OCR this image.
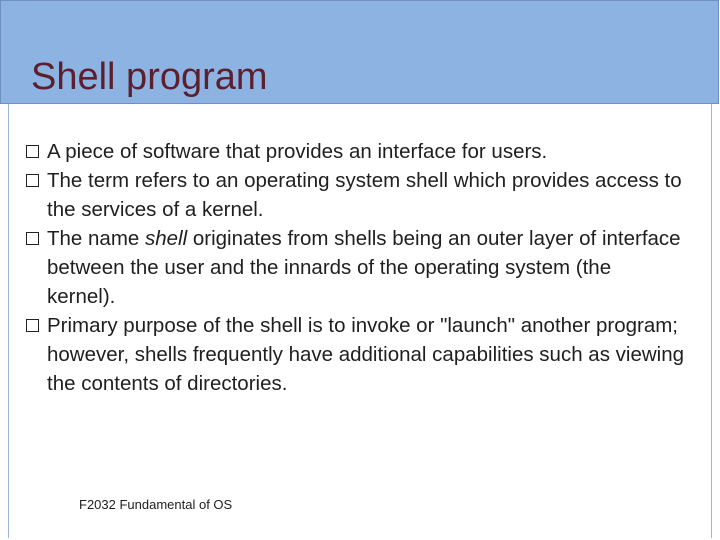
Shell program
A piece of software that provides an interface for users.
The term refers to an operating system shell which provides access to the services of a kernel.
The name shell originates from shells being an outer layer of interface between the user and the innards of the operating system (the kernel).
Primary purpose of the shell is to invoke or "launch" another program; however, shells frequently have additional capabilities such as viewing the contents of directories.

F2032 Fundamental of OS
